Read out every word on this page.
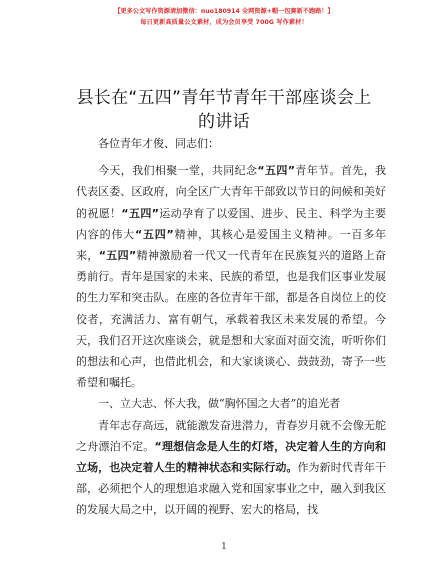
【更多公文写作资源请加微信：nuo180914 全网资源+帽一包赛新不跑路！】
每日更新高质量公文素材，成为会员享受 700G 写作素材！
县长在“五四”青年节青年干部座谈会上的讲话

各位青年才俊、同志们：

今天，我们相聚一堂，共同纪念“五四”青年节。首先，我代表区委、区政府，向全区广大青年干部致以节日的问候和美好的祝愿！“五四”运动孕育了以爱国、进步、民主、科学为主要内容的伟大“五四”精神，其核心是爱国主义精神。一百多年来，“五四”精神激励着一代又一代青年在民族复兴的道路上奋勇前行。青年是国家的未来、民族的希望，也是我们区事业发展的生力军和突击队。在座的各位青年干部，都是各自岗位上的佼佼者，充满活力、富有朝气，承载着我区未来发展的希望。今天，我们召开这次座谈会，就是想和大家面对面交流，听听你们的想法和心声，也借此机会，和大家谈谈心、鼓鼓劲，寄予一些希望和嘱托。

一、立大志、怀大我，做“胸怀国之大者”的追光者

青年志存高远，就能激发奋进潜力，青春岁月就不会像无舵之舟漂泊不定。“理想信念是人生的灯塔，决定着人生的方向和立场，也决定着人生的精神状态和实际行动。作为新时代青年干部，必须把个人的理想追求融入党和国家事业之中，融入到我区的发展大局之中，以开阔的视野、宏大的格局，找

1
